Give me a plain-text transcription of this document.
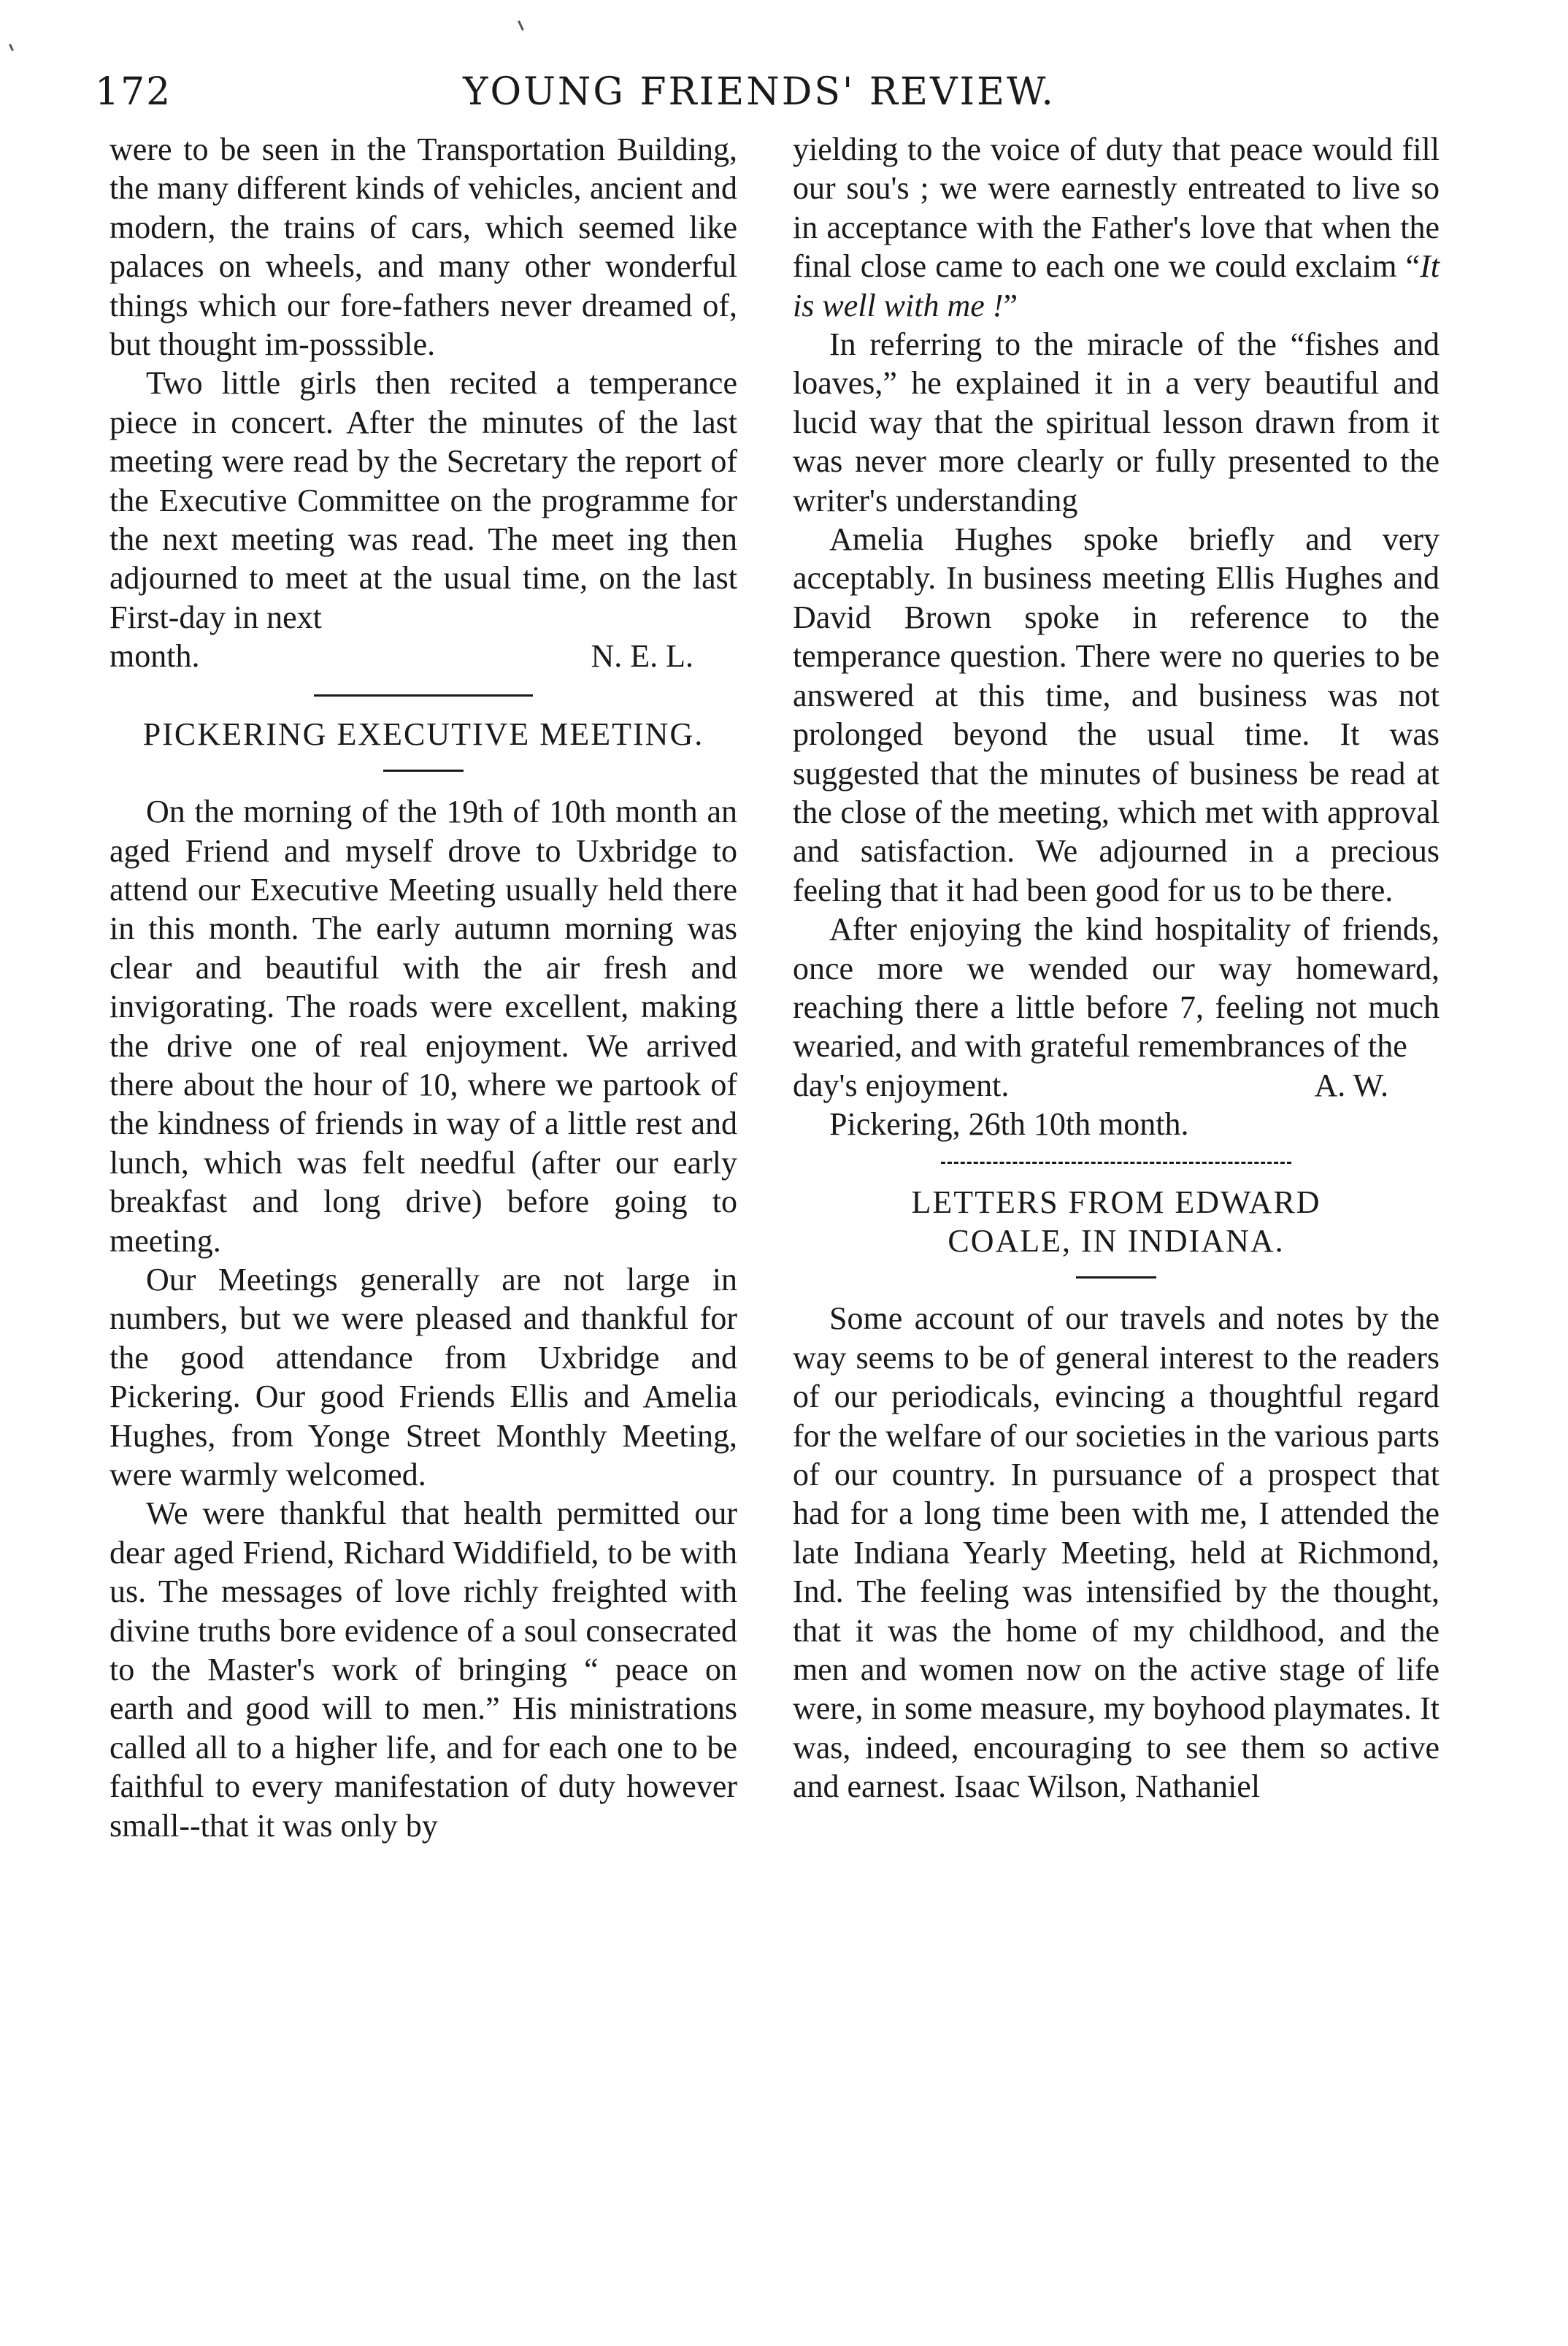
YOUNG FRIENDS' REVIEW.
172

were to be seen in the Transportation Building, the many different kinds of vehicles, ancient and modern, the trains of cars, which seemed like palaces on wheels, and many other wonderful things which our fore-fathers never dreamed of, but thought im-posssible.

Two little girls then recited a temperance piece in concert. After the minutes of the last meeting were read by the Secretary the report of the Executive Committee on the programme for the next meeting was read. The meet ing then adjourned to meet at the usual time, on the last First-day in next

month.	N. E. L.

PICKERING EXECUTIVE MEETING.

On the morning of the 19th of 10th month an aged Friend and myself drove to Uxbridge to attend our Executive Meeting usually held there in this month. The early autumn morning was clear and beautiful with the air fresh and invigorating. The roads were excellent, making the drive one of real enjoyment. We arrived there about the hour of 10, where we partook of the kindness of friends in way of a little rest and lunch, which was felt needful (after our early breakfast and long drive) before going to meeting.

Our Meetings generally are not large in numbers, but we were pleased and thankful for the good attendance from Uxbridge and Pickering. Our good Friends Ellis and Amelia Hughes, from Yonge Street Monthly Meeting, were warmly welcomed.

We were thankful that health permitted our dear aged Friend, Richard Widdifield, to be with us. The messages of love richly freighted with divine truths bore evidence of a soul consecrated to the Master's work of bringing “ peace on earth and good will to men.” His ministrations called all to a higher life, and for each one to be faithful to every manifestation of duty however small--that it was only by

yielding to the voice of duty that peace would fill our sou's ; we were earnestly entreated to live so in acceptance with the Father's love that when the final close came to each one we could exclaim “It is well with me !”

In referring to the miracle of the “fishes and loaves,” he explained it in a very beautiful and lucid way that the spiritual lesson drawn from it was never more clearly or fully presented to the writer's understanding

Amelia Hughes spoke briefly and very acceptably. In business meeting Ellis Hughes and David Brown spoke in reference to the temperance question. There were no queries to be answered at this time, and business was not prolonged beyond the usual time. It was suggested that the minutes of business be read at the close of the meeting, which met with approval and satisfaction. We adjourned in a precious feeling that it had been good for us to be there.

After enjoying the kind hospitality of friends, once more we wended our way homeward, reaching there a little before 7, feeling not much wearied, and with grateful remembrances of the

day's enjoyment.	A. W.

Pickering, 26th 10th month.

LETTERS FROM EDWARD

COALE, IN INDIANA.

Some account of our travels and notes by the way seems to be of general interest to the readers of our periodicals, evincing a thoughtful regard for the welfare of our societies in the various parts of our country. In pursuance of a prospect that had for a long time been with me, I attended the late Indiana Yearly Meeting, held at Richmond, Ind. The feeling was intensified by the thought, that it was the home of my childhood, and the men and women now on the active stage of life were, in some measure, my boyhood playmates. It was, indeed, encouraging to see them so active and earnest. Isaac Wilson, Nathaniel
